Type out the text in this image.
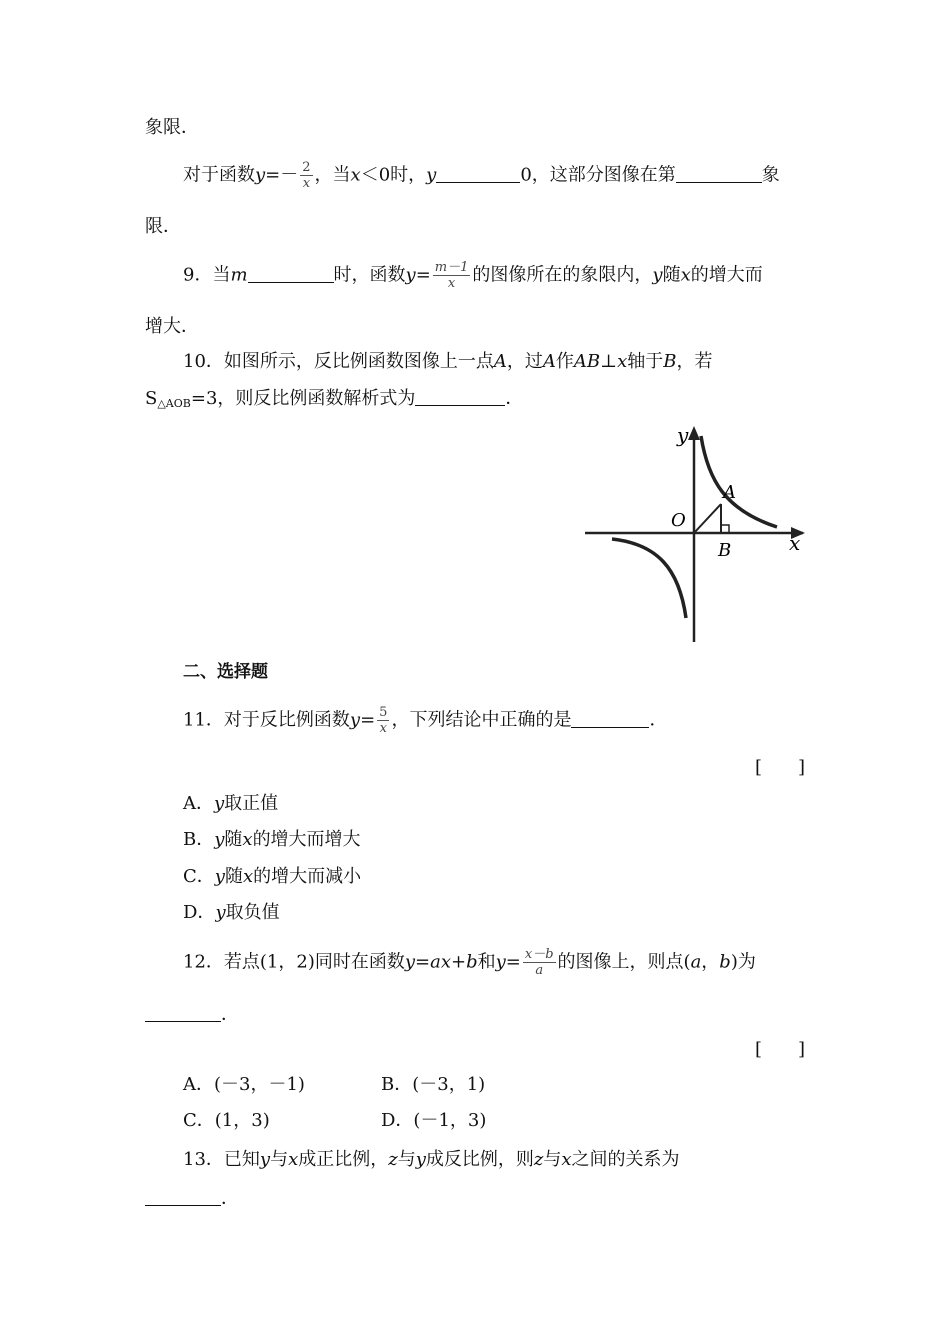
象限．
对于函数$y=- \frac{2}{x}$ ，当x＜0时，y	0，这部分图像在第	象
限．
9．当m	时，函数$y= \frac{m-1}{x}$ 的图像所在的象限内，y随x的增大而
增大．
10．如图所示，反比例函数图像上一点A，过A作AB⊥x轴于B，若
$S_{\triangle AOB}=3$，则反比例函数解析式为	．
y
x
O
A
B
二、选择题
11．对于反比例函数$y= \frac{5}{x}$ ，下列结论中正确的是	．
[　　]
A．y取正值
B．y随x的增大而增大
C．y随x的增大而减小
D．y取负值
12．若点(1，2)同时在函数y=ax+b和$y= \frac{x-b}{a}$ 的图像上，则点(a，b)为
．
[　　]
A．(－3，－1)	B．(－3，1)
C．(1，3)	D．(－1，3)
13．已知y与x成正比例，z与y成反比例，则z与x之间的关系为
．
